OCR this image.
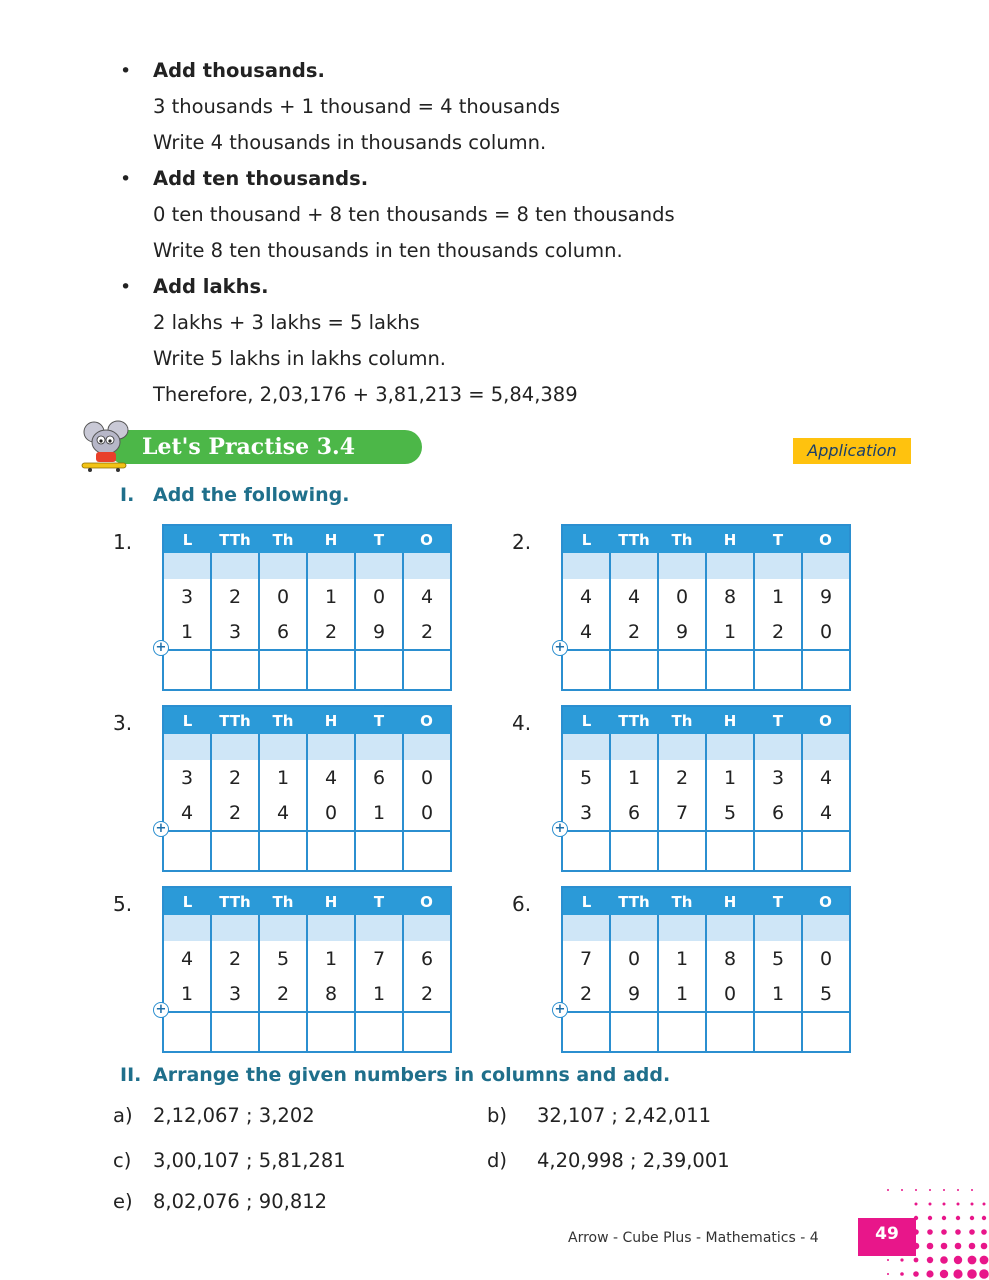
• Add thousands.
3 thousands + 1 thousand = 4 thousands
Write 4 thousands in thousands column.
• Add ten thousands.
0 ten thousand + 8 ten thousands = 8 ten thousands
Write 8 ten thousands in ten thousands column.
• Add lakhs.
2 lakhs + 3 lakhs = 5 lakhs
Write 5 lakhs in lakhs column.
Therefore, 2,03,176 + 3,81,213 = 5,84,389
Let's Practise 3.4	Application
I. Add the following.
1.	L	TTh	Th	H	T	O

3	2	0	1	0	4
1	3	6	2	9	2

+
2.	L	TTh	Th	H	T	O

4	4	0	8	1	9
4	2	9	1	2	0

+
3.	L	TTh	Th	H	T	O

3	2	1	4	6	0
4	2	4	0	1	0

+
4.	L	TTh	Th	H	T	O

5	1	2	1	3	4
3	6	7	5	6	4

+
5.	L	TTh	Th	H	T	O

4	2	5	1	7	6
1	3	2	8	1	2

+
6.	L	TTh	Th	H	T	O

7	0	1	8	5	0
2	9	1	0	1	5

+
II. Arrange the given numbers in columns and add.
a) 2,12,067 ; 3,202	b) 32,107 ; 2,42,011
c) 3,00,107 ; 5,81,281	d) 4,20,998 ; 2,39,001
e) 8,02,076 ; 90,812
Arrow - Cube Plus - Mathematics - 4	49
